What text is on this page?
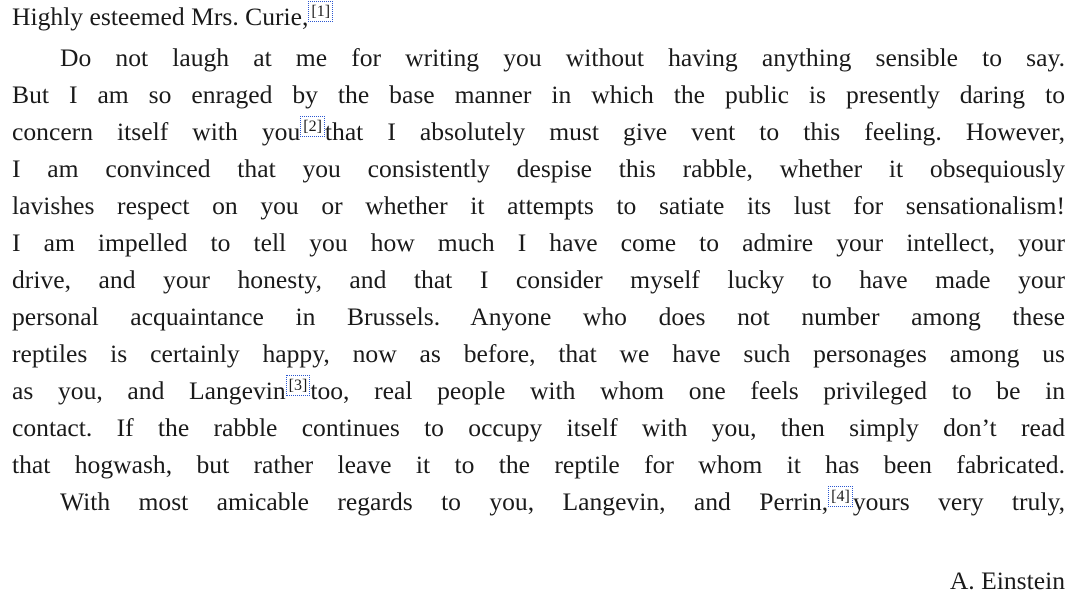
Highly esteemed Mrs. Curie, [1]
Do not laugh at me for writing you without having anything sensible to say.
But I am so enraged by the base manner in which the public is presently daring to
concern itself with you [2] that I absolutely must give vent to this feeling. However,
I am convinced that you consistently despise this rabble, whether it obsequiously
lavishes respect on you or whether it attempts to satiate its lust for sensationalism!
I am impelled to tell you how much I have come to admire your intellect, your
drive, and your honesty, and that I consider myself lucky to have made your
personal acquaintance in Brussels. Anyone who does not number among these
reptiles is certainly happy, now as before, that we have such personages among us
as you, and Langevin [3] too, real people with whom one feels privileged to be in
contact. If the rabble continues to occupy itself with you, then simply don’t read
that hogwash, but rather leave it to the reptile for whom it has been fabricated.
With most amicable regards to you, Langevin, and Perrin, [4] yours very truly,
A. Einstein
